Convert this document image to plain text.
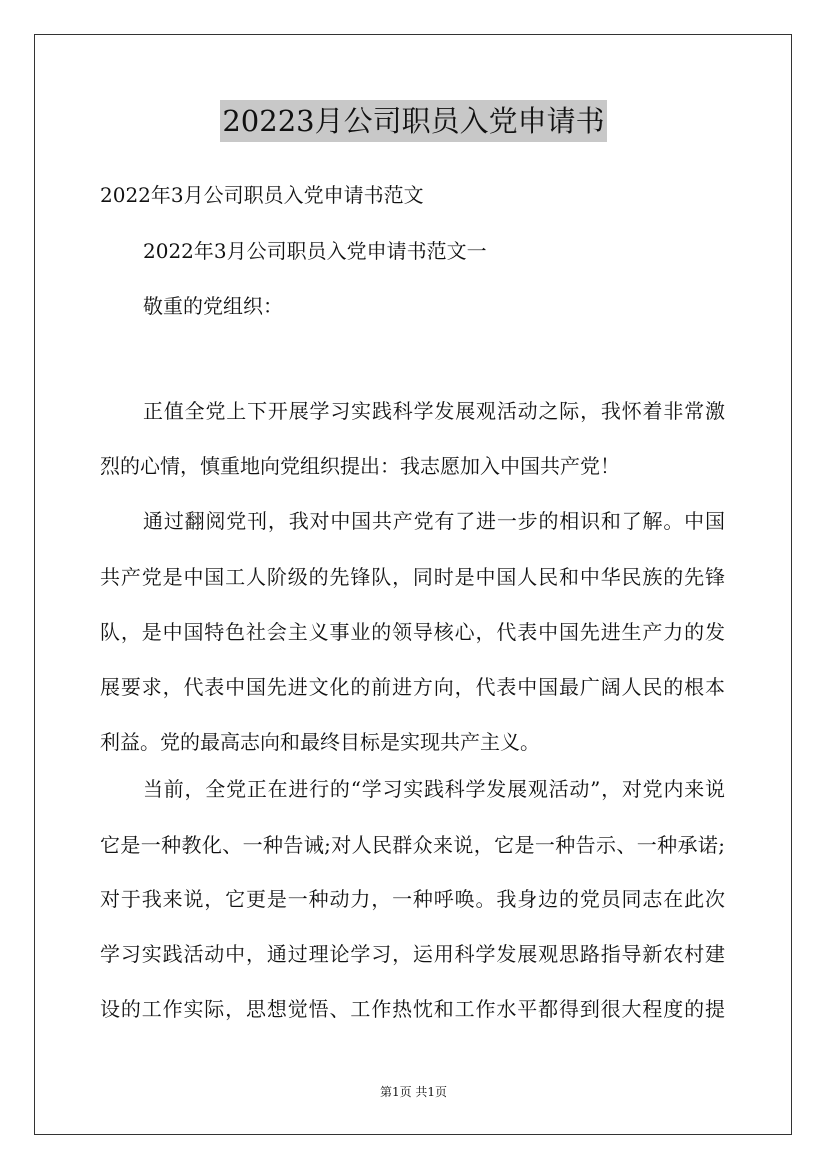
20223月公司职员入党申请书
2022年3月公司职员入党申请书范文
2022年3月公司职员入党申请书范文一
敬重的党组织：
正值全党上下开展学习实践科学发展观活动之际，我怀着非常激
烈的心情，慎重地向党组织提出：我志愿加入中国共产党！
通过翻阅党刊，我对中国共产党有了进一步的相识和了解。中国
共产党是中国工人阶级的先锋队，同时是中国人民和中华民族的先锋
队，是中国特色社会主义事业的领导核心，代表中国先进生产力的发
展要求，代表中国先进文化的前进方向，代表中国最广阔人民的根本
利益。党的最高志向和最终目标是实现共产主义。
当前，全党正在进行的“学习实践科学发展观活动”，对党内来说
它是一种教化、一种告诫;对人民群众来说，它是一种告示、一种承诺;
对于我来说，它更是一种动力，一种呼唤。我身边的党员同志在此次
学习实践活动中，通过理论学习，运用科学发展观思路指导新农村建
设的工作实际，思想觉悟、工作热忱和工作水平都得到很大程度的提
第1页 共1页
